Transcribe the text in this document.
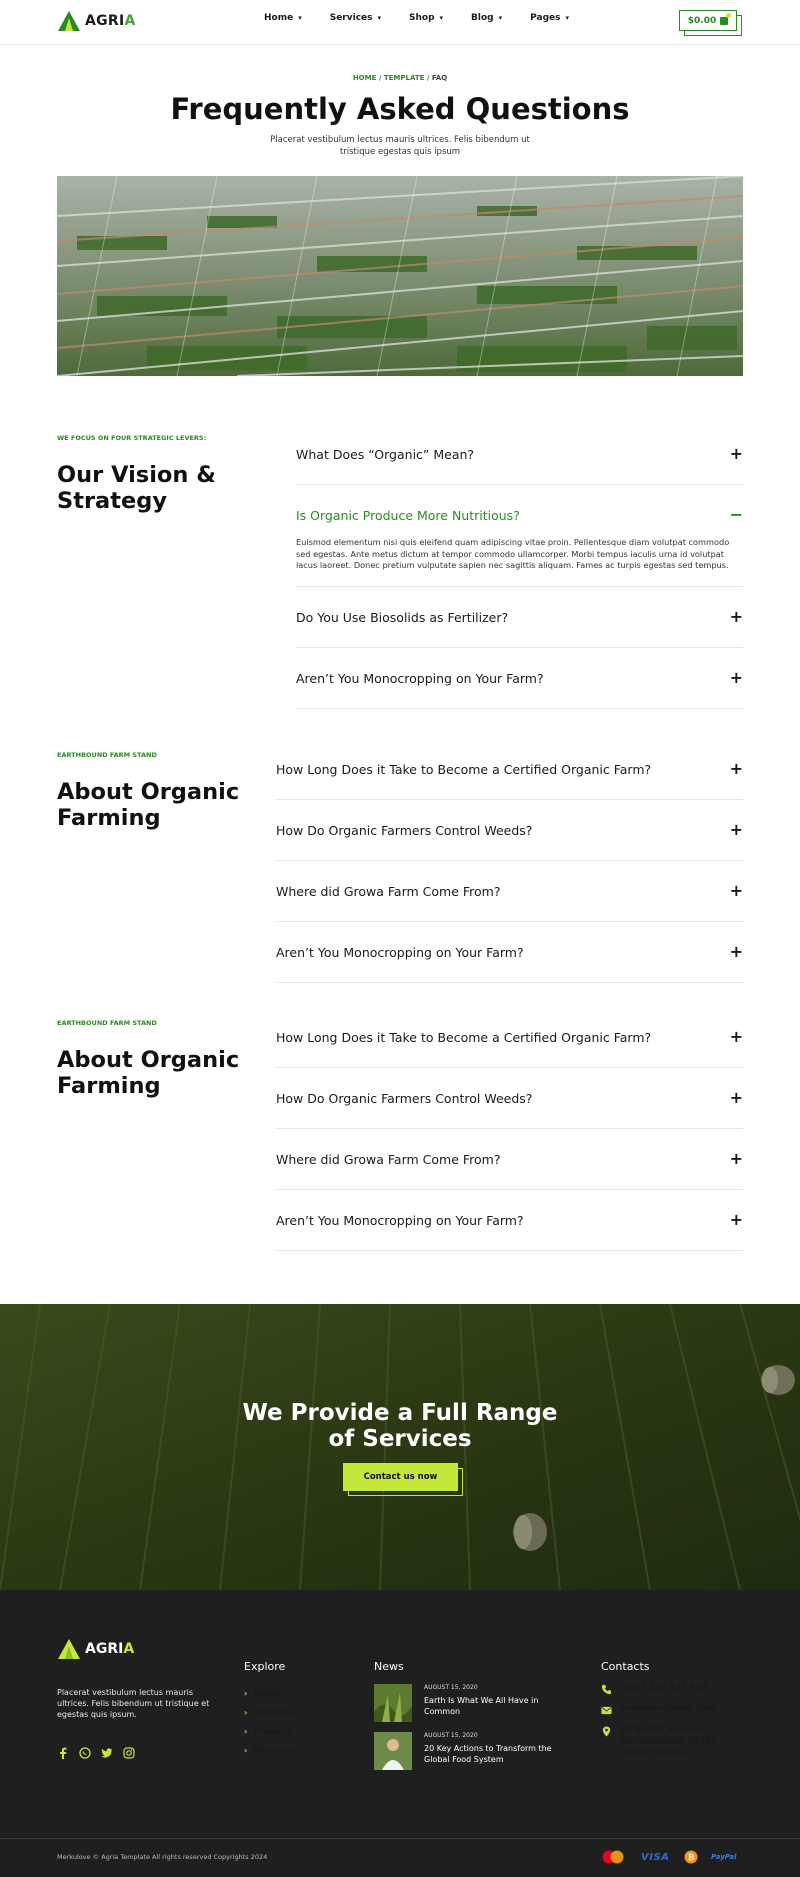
AGRIA	Home ▾	Services ▾	Shop ▾	Blog ▾	Pages ▾	$0.00
HOME / TEMPLATE / FAQ
Frequently Asked Questions
Placerat vestibulum lectus mauris ultrices. Felis bibendum ut tristique egestas quis ipsum
WE FOCUS ON FOUR STRATEGIC LEVERS:
Our Vision & Strategy
What Does “Organic” Mean?	+
Is Organic Produce More Nutritious?	−
Euismod elementum nisi quis eleifend quam adipiscing vitae proin. Pellentesque diam volutpat commodo sed egestas. Ante metus dictum at tempor commodo ullamcorper. Morbi tempus iaculis urna id volutpat lacus laoreet. Donec pretium vulputate sapien nec sagittis aliquam. Fames ac turpis egestas sed tempus.
Do You Use Biosolids as Fertilizer?	+
Aren’t You Monocropping on Your Farm?	+
EARTHBOUND FARM STAND
About Organic Farming
How Long Does it Take to Become a Certified Organic Farm?	+
How Do Organic Farmers Control Weeds?	+
Where did Growa Farm Come From?	+
Aren’t You Monocropping on Your Farm?	+
EARTHBOUND FARM STAND
About Organic Farming
How Long Does it Take to Become a Certified Organic Farm?	+
How Do Organic Farmers Control Weeds?	+
Where did Growa Farm Come From?	+
Aren’t You Monocropping on Your Farm?	+
We Provide a Full Range
of Services
Contact us now
AGRIA
Placerat vestibulum lectus mauris ultrices. Felis bibendum ut tristique et egestas quis ipsum.
Explore
› About
› Services
› Projects
› Glossary
News
AUGUST 15, 2020
Earth Is What We All Have in Common
AUGUST 15, 2020
20 Key Actions to Transform the Global Food System
Contacts
(101) 222 123 456
company@mail.com
25 Euclid Avenue NE, Albuquer, 83106 United States
Merkulove © Agria Template All rights reserved Copyrights 2024	VISA ₿ PayPal
